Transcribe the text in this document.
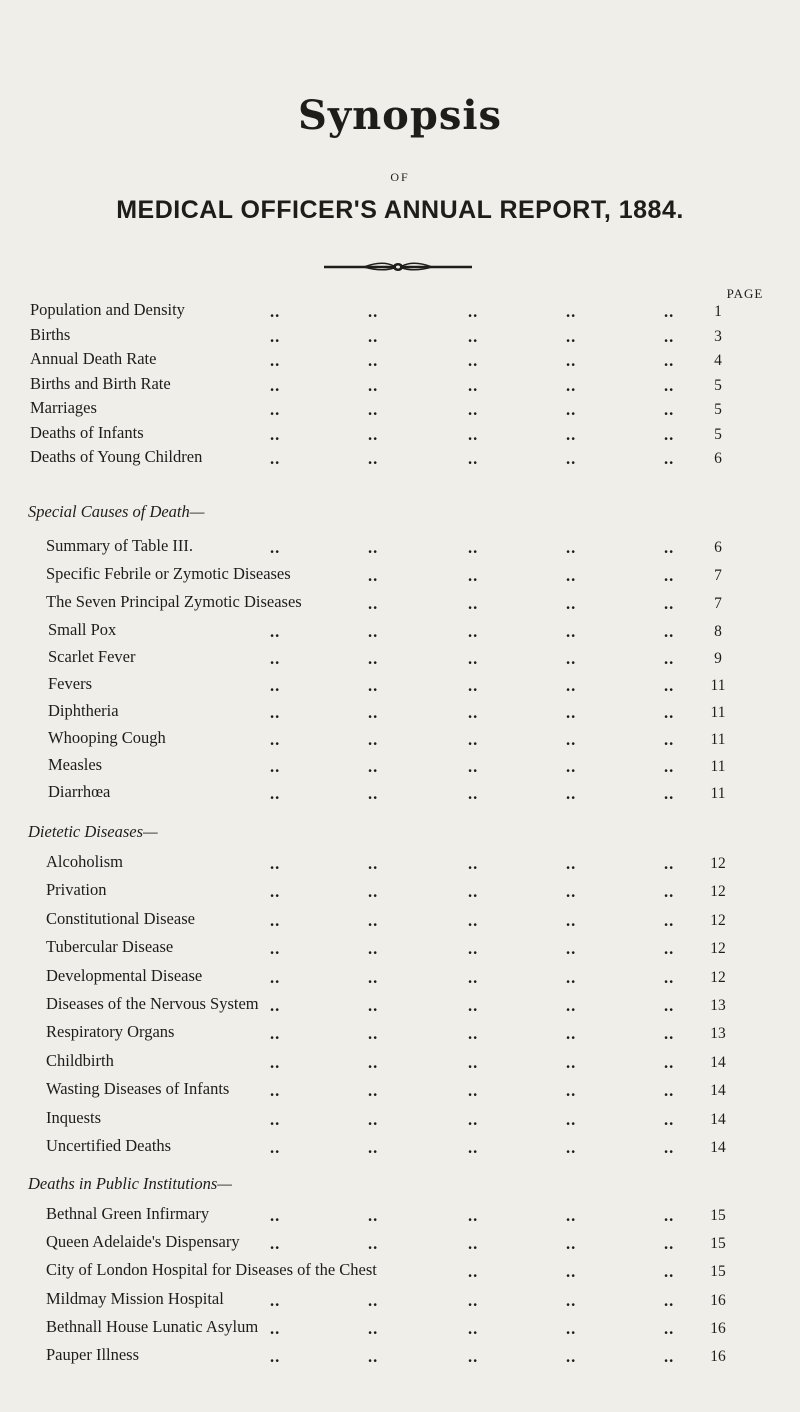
Synopsis
OF
MEDICAL OFFICER'S ANNUAL REPORT, 1884.
PAGE
Population and Density	..	..	..	..	..	1
Births	..	..	..	..	..	3
Annual Death Rate	..	..	..	..	..	4
Births and Birth Rate	..	..	..	..	..	5
Marriages	..	..	..	..	..	5
Deaths of Infants	..	..	..	..	..	5
Deaths of Young Children	..	..	..	..	..	6
Special Causes of Death—
Summary of Table III.	..	..	..	..	..	6
Specific Febrile or Zymotic Diseases	..	..	..	..	7
The Seven Principal Zymotic Diseases	..	..	..	..	7
Small Pox	..	..	..	..	..	8
Scarlet Fever	..	..	..	..	..	9
Fevers	..	..	..	..	..	11
Diphtheria	..	..	..	..	..	11
Whooping Cough	..	..	..	..	..	11
Measles	..	..	..	..	..	11
Diarrhœa	..	..	..	..	..	11
Dietetic Diseases—
Alcoholism	..	..	..	..	..	12
Privation	..	..	..	..	..	12
Constitutional Disease	..	..	..	..	..	12
Tubercular Disease	..	..	..	..	..	12
Developmental Disease	..	..	..	..	..	12
Diseases of the Nervous System ..	..	..	..	..	13
Respiratory Organs	..	..	..	..	..	13
Childbirth	..	..	..	..	..	14
Wasting Diseases of Infants ..	..	..	..	..	14
Inquests	..	..	..	..	..	14
Uncertified Deaths	..	..	..	..	..	14
Deaths in Public Institutions—
Bethnal Green Infirmary	..	..	..	..	..	15
Queen Adelaide's Dispensary ..	..	..	..	..	15
City of London Hospital for Diseases of the Chest	..	..	..	15
Mildmay Mission Hospital	..	..	..	..	..	16
Bethnall House Lunatic Asylum ..	..	..	..	..	16
Pauper Illness	..	..	..	..	..	16
